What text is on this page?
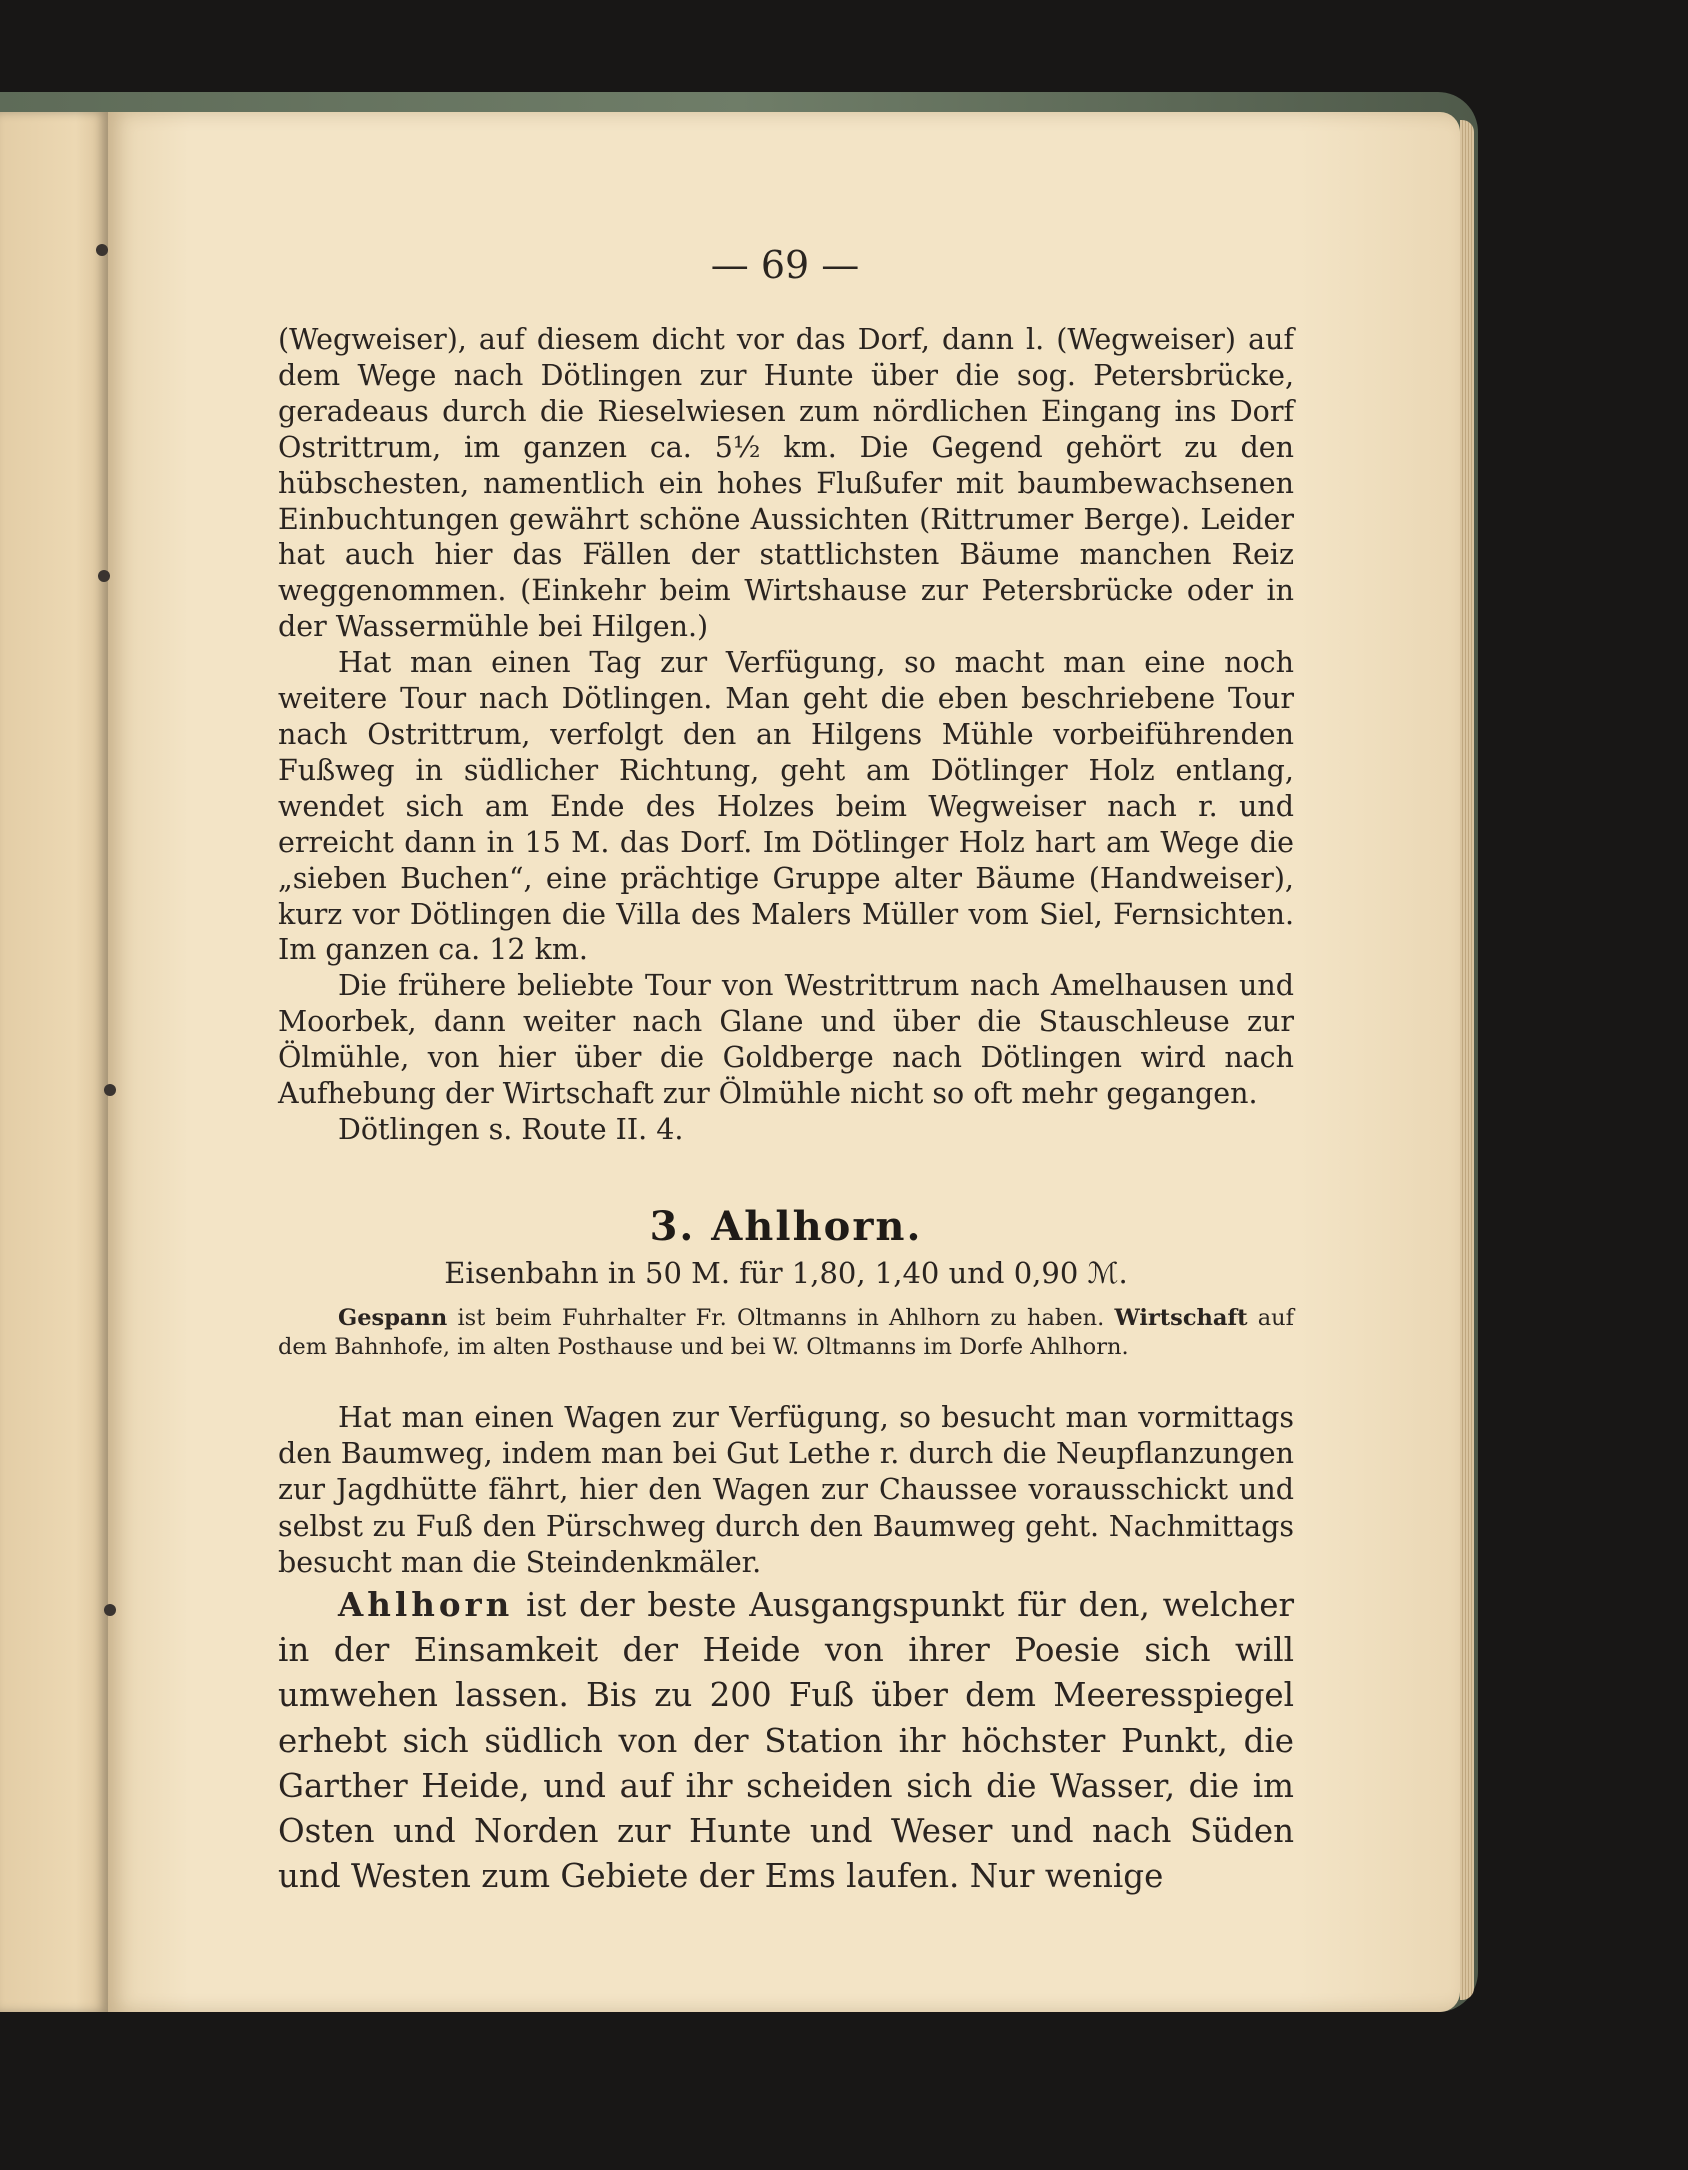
— 69 —

(Wegweiser), auf diesem dicht vor das Dorf, dann l. (Wegweiser) auf dem Wege nach Dötlingen zur Hunte über die sog. Petersbrücke, geradeaus durch die Rieselwiesen zum nördlichen Eingang ins Dorf Ostrittrum, im ganzen ca. 5½ km. Die Gegend gehört zu den hübschesten, namentlich ein hohes Flußufer mit baumbewachsenen Einbuchtungen gewährt schöne Aussichten (Rittrumer Berge). Leider hat auch hier das Fällen der stattlichsten Bäume manchen Reiz weggenommen. (Einkehr beim Wirtshause zur Petersbrücke oder in der Wassermühle bei Hilgen.)

Hat man einen Tag zur Verfügung, so macht man eine noch weitere Tour nach Dötlingen. Man geht die eben beschriebene Tour nach Ostrittrum, verfolgt den an Hilgens Mühle vorbeiführenden Fußweg in südlicher Richtung, geht am Dötlinger Holz entlang, wendet sich am Ende des Holzes beim Wegweiser nach r. und erreicht dann in 15 M. das Dorf. Im Dötlinger Holz hart am Wege die „sieben Buchen“, eine prächtige Gruppe alter Bäume (Handweiser), kurz vor Dötlingen die Villa des Malers Müller vom Siel, Fernsichten. Im ganzen ca. 12 km.

Die frühere beliebte Tour von Westrittrum nach Amelhausen und Moorbek, dann weiter nach Glane und über die Stauschleuse zur Ölmühle, von hier über die Goldberge nach Dötlingen wird nach Aufhebung der Wirtschaft zur Ölmühle nicht so oft mehr gegangen.

Dötlingen s. Route II. 4.

3. Ahlhorn.
Eisenbahn in 50 M. für 1,80, 1,40 und 0,90 ℳ.

Gespann ist beim Fuhrhalter Fr. Oltmanns in Ahlhorn zu haben. Wirtschaft auf dem Bahnhofe, im alten Posthause und bei W. Oltmanns im Dorfe Ahlhorn.

Hat man einen Wagen zur Verfügung, so besucht man vormittags den Baumweg, indem man bei Gut Lethe r. durch die Neupflanzungen zur Jagdhütte fährt, hier den Wagen zur Chaussee vorausschickt und selbst zu Fuß den Pürschweg durch den Baumweg geht. Nachmittags besucht man die Steindenkmäler.

Ahlhorn ist der beste Ausgangspunkt für den, welcher in der Einsamkeit der Heide von ihrer Poesie sich will umwehen lassen. Bis zu 200 Fuß über dem Meeresspiegel erhebt sich südlich von der Station ihr höchster Punkt, die Garther Heide, und auf ihr scheiden sich die Wasser, die im Osten und Norden zur Hunte und Weser und nach Süden und Westen zum Gebiete der Ems laufen. Nur wenige
